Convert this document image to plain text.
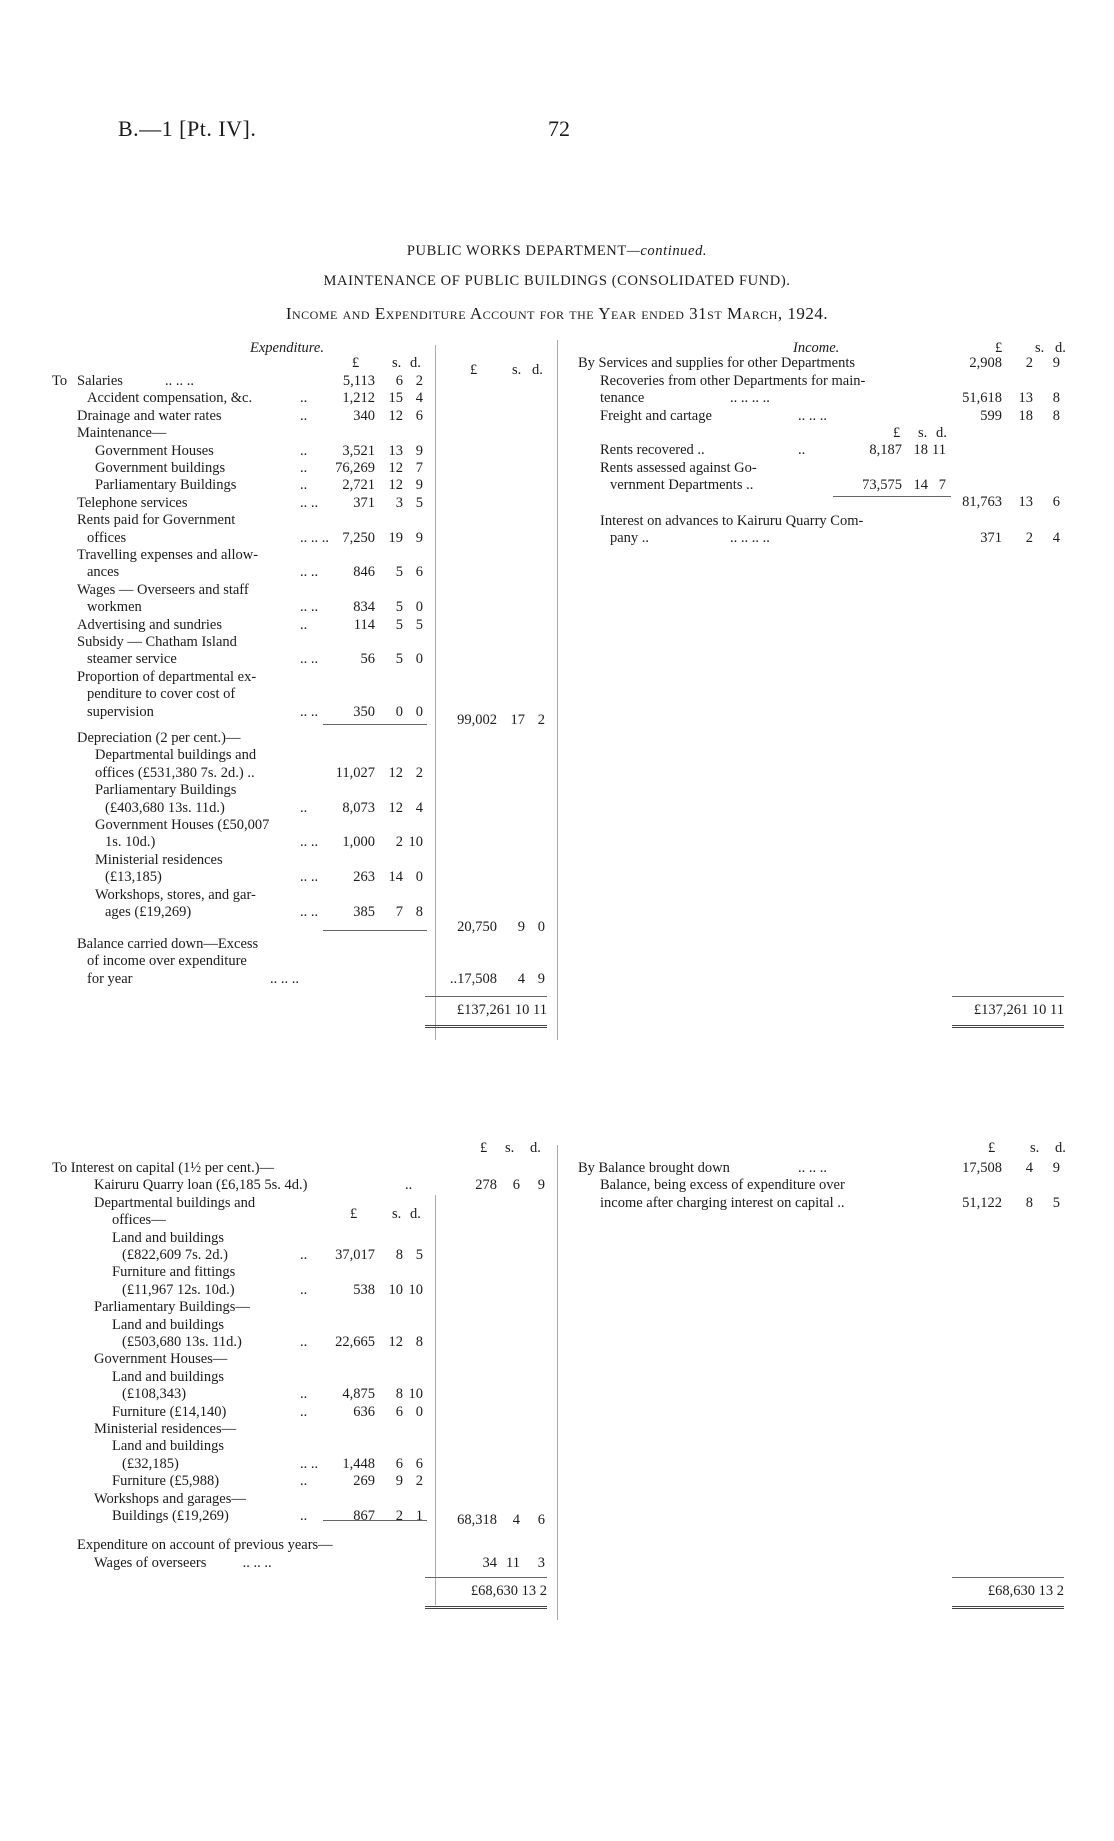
B.—1 [Pt. IV].	72
PUBLIC WORKS DEPARTMENT—continued.
MAINTENANCE OF PUBLIC BUILDINGS (CONSOLIDATED FUND).
Income and Expenditure Account for the Year ended 31st March, 1924.
Expenditure.	Income.
£ s. d.	£ s. d.
£ s. d.
To Salaries	.. .. ..	5,113	6 2
Accident compensation, &c.	..	1,212 15 4
Drainage and water rates	..	340 12 6
Maintenance—
Government Houses	..	3,521 13 9
Government buildings	..	76,269 12 7
Parliamentary Buildings	..	2,721 12 9
Telephone services	.. ..	371	3 5
Rents paid for Government
offices	.. .. .. 7,250 19 9
Travelling expenses and allow-
ances	.. ..	846	5 6
Wages — Overseers and staff
workmen	.. ..	834	5 0
Advertising and sundries	..	114	5 5
Subsidy — Chatham Island
steamer service	.. ..	56	5 0
Proportion of departmental ex-
penditure to cover cost of
supervision	.. ..	350	0 0
99,002 17 2
Depreciation (2 per cent.)—
Departmental buildings and
offices (£531,380 7s. 2d.) ..	11,027 12 2
Parliamentary Buildings
(£403,680 13s. 11d.)	..	8,073 12 4
Government Houses (£50,007
1s. 10d.)	.. ..	1,000	2 10
Ministerial residences
(£13,185)	.. ..	263 14 0
Workshops, stores, and gar-
ages (£19,269)	.. ..	385	7 8
20,750	9 0
Balance carried down—Excess
of income over expenditure
for year	.. .. ..	..17,508	4 9
£137,261 10 11
By Services and supplies for other Departments	2,908	2	9
Recoveries from other Departments for main-
tenance	.. .. .. ..	51,618	13	8
Freight and cartage	.. .. ..	599	18	8
Rents recovered ..	..	8,187 18 11
Rents assessed against Go-
vernment Departments ..	73,575 14 7
81,763	13	6
Interest on advances to Kairuru Quarry Com-
pany ..	.. .. .. ..	371	2	4
£ s. d.
£137,261 10 11
£ s. d.	£ s. d.
£ s. d.
To Interest on capital (1½ per cent.)—
Kairuru Quarry loan (£6,185 5s. 4d.)	..	278	6	9
Departmental buildings and
offices—
Land and buildings
(£822,609 7s. 2d.)	..	37,017	8 5
Furniture and fittings
(£11,967 12s. 10d.)	..	538 10 10
Parliamentary Buildings—
Land and buildings
(£503,680 13s. 11d.)	..	22,665 12 8
Government Houses—
Land and buildings
(£108,343)	..	4,875	8 10
Furniture (£14,140)	..	636	6 0
Ministerial residences—
Land and buildings
(£32,185)	.. ..	1,448	6 6
Furniture (£5,988)	..	269	9 2
Workshops and garages—
Buildings (£19,269)	..	867	2 1	68,318	4	6
Expenditure on account of previous years—
Wages of overseers	.. .. ..	34 11	3
£68,630 13 2
By Balance brought down	.. .. ..	17,508	4	9
Balance, being excess of expenditure over
income after charging interest on capital ..	51,122	8	5
£68,630 13 2
